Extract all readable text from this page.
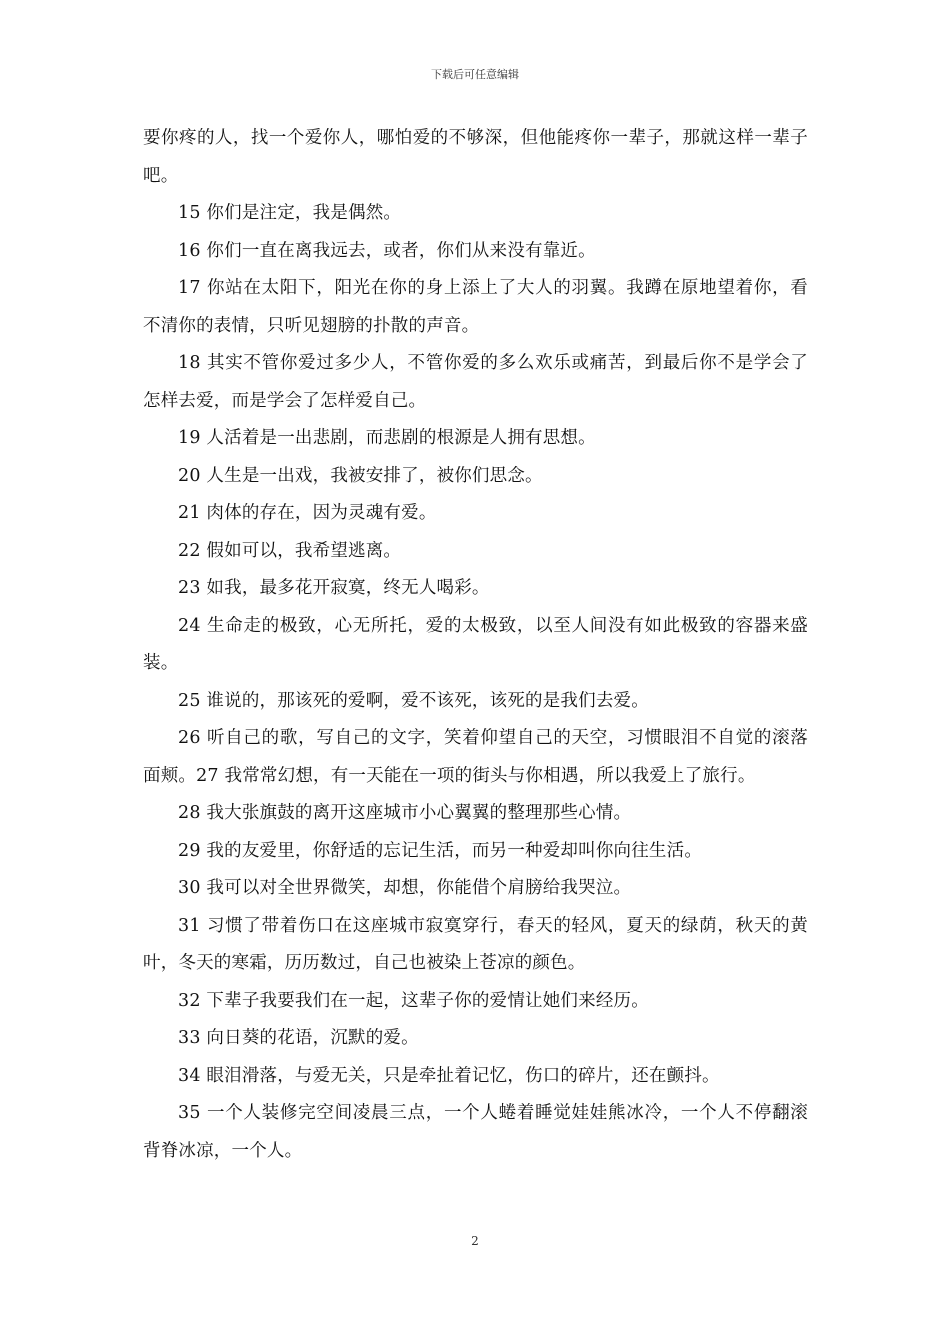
下载后可任意编辑

要你疼的人，找一个爱你人，哪怕爱的不够深，但他能疼你一辈子，那就这样一辈子吧。

15 你们是注定，我是偶然。

16 你们一直在离我远去，或者，你们从来没有靠近。

17 你站在太阳下，阳光在你的身上添上了大人的羽翼。我蹲在原地望着你，看不清你的表情，只听见翅膀的扑散的声音。

18 其实不管你爱过多少人，不管你爱的多么欢乐或痛苦，到最后你不是学会了怎样去爱，而是学会了怎样爱自己。

19 人活着是一出悲剧，而悲剧的根源是人拥有思想。

20 人生是一出戏，我被安排了，被你们思念。

21 肉体的存在，因为灵魂有爱。

22 假如可以，我希望逃离。

23 如我，最多花开寂寞，终无人喝彩。

24 生命走的极致，心无所托，爱的太极致，以至人间没有如此极致的容器来盛装。

25 谁说的，那该死的爱啊，爱不该死，该死的是我们去爱。

26 听自己的歌，写自己的文字，笑着仰望自己的天空，习惯眼泪不自觉的滚落面颊。27 我常常幻想，有一天能在一项的街头与你相遇，所以我爱上了旅行。

28 我大张旗鼓的离开这座城市小心翼翼的整理那些心情。

29 我的友爱里，你舒适的忘记生活，而另一种爱却叫你向往生活。

30 我可以对全世界微笑，却想，你能借个肩膀给我哭泣。

31 习惯了带着伤口在这座城市寂寞穿行，春天的轻风，夏天的绿荫，秋天的黄叶，冬天的寒霜，历历数过，自己也被染上苍凉的颜色。

32 下辈子我要我们在一起，这辈子你的爱情让她们来经历。

33 向日葵的花语，沉默的爱。

34 眼泪滑落，与爱无关，只是牵扯着记忆，伤口的碎片，还在颤抖。

35 一个人装修完空间凌晨三点，一个人蜷着睡觉娃娃熊冰冷，一个人不停翻滚背脊冰凉，一个人。

2
